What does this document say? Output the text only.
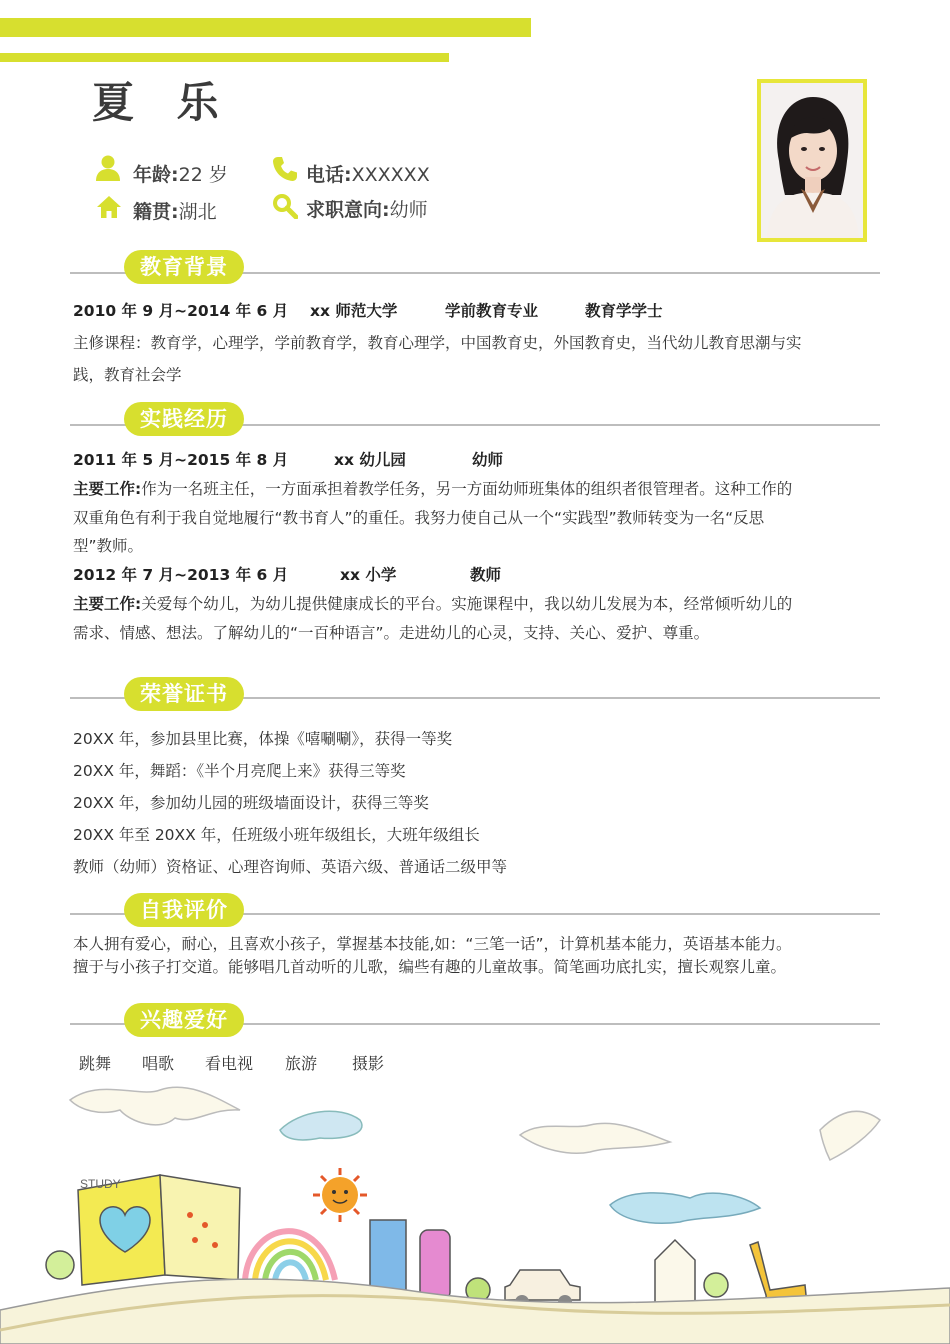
夏 乐
年龄:22 岁	电话:XXXXXX
籍贯:湖北	求职意向:幼师
教育背景
2010 年 9 月~2014 年 6 月 xx 师范大学	学前教育专业	教育学学士
主修课程：教育学，心理学，学前教育学，教育心理学，中国教育史，外国教育史，当代幼儿教育思潮与实
践，教育社会学
实践经历
2011 年 5 月~2015 年 8 月	xx 幼儿园	幼师
主要工作:作为一名班主任，一方面承担着教学任务，另一方面幼师班集体的组织者很管理者。这种工作的
双重角色有利于我自觉地履行“教书育人”的重任。我努力使自己从一个“实践型”教师转变为一名“反思
型”教师。
2012 年 7 月~2013 年 6 月	xx 小学	教师
主要工作:关爱每个幼儿，为幼儿提供健康成长的平台。实施课程中，我以幼儿发展为本，经常倾听幼儿的
需求、情感、想法。了解幼儿的“一百种语言”。走进幼儿的心灵，支持、关心、爱护、尊重。
荣誉证书
20XX 年，参加县里比赛，体操《嘻唰唰》，获得一等奖
20XX 年，舞蹈：《半个月亮爬上来》获得三等奖
20XX 年，参加幼儿园的班级墙面设计，获得三等奖
20XX 年至 20XX 年，任班级小班年级组长，大班年级组长
教师（幼师）资格证、心理咨询师、英语六级、普通话二级甲等
自我评价
本人拥有爱心，耐心，且喜欢小孩子，掌握基本技能,如：“三笔一话”，计算机基本能力，英语基本能力。
擅于与小孩子打交道。能够唱几首动听的儿歌，编些有趣的儿童故事。简笔画功底扎实，擅长观察儿童。
兴趣爱好
跳舞 唱歌 看电视 旅游 摄影
STUDY
